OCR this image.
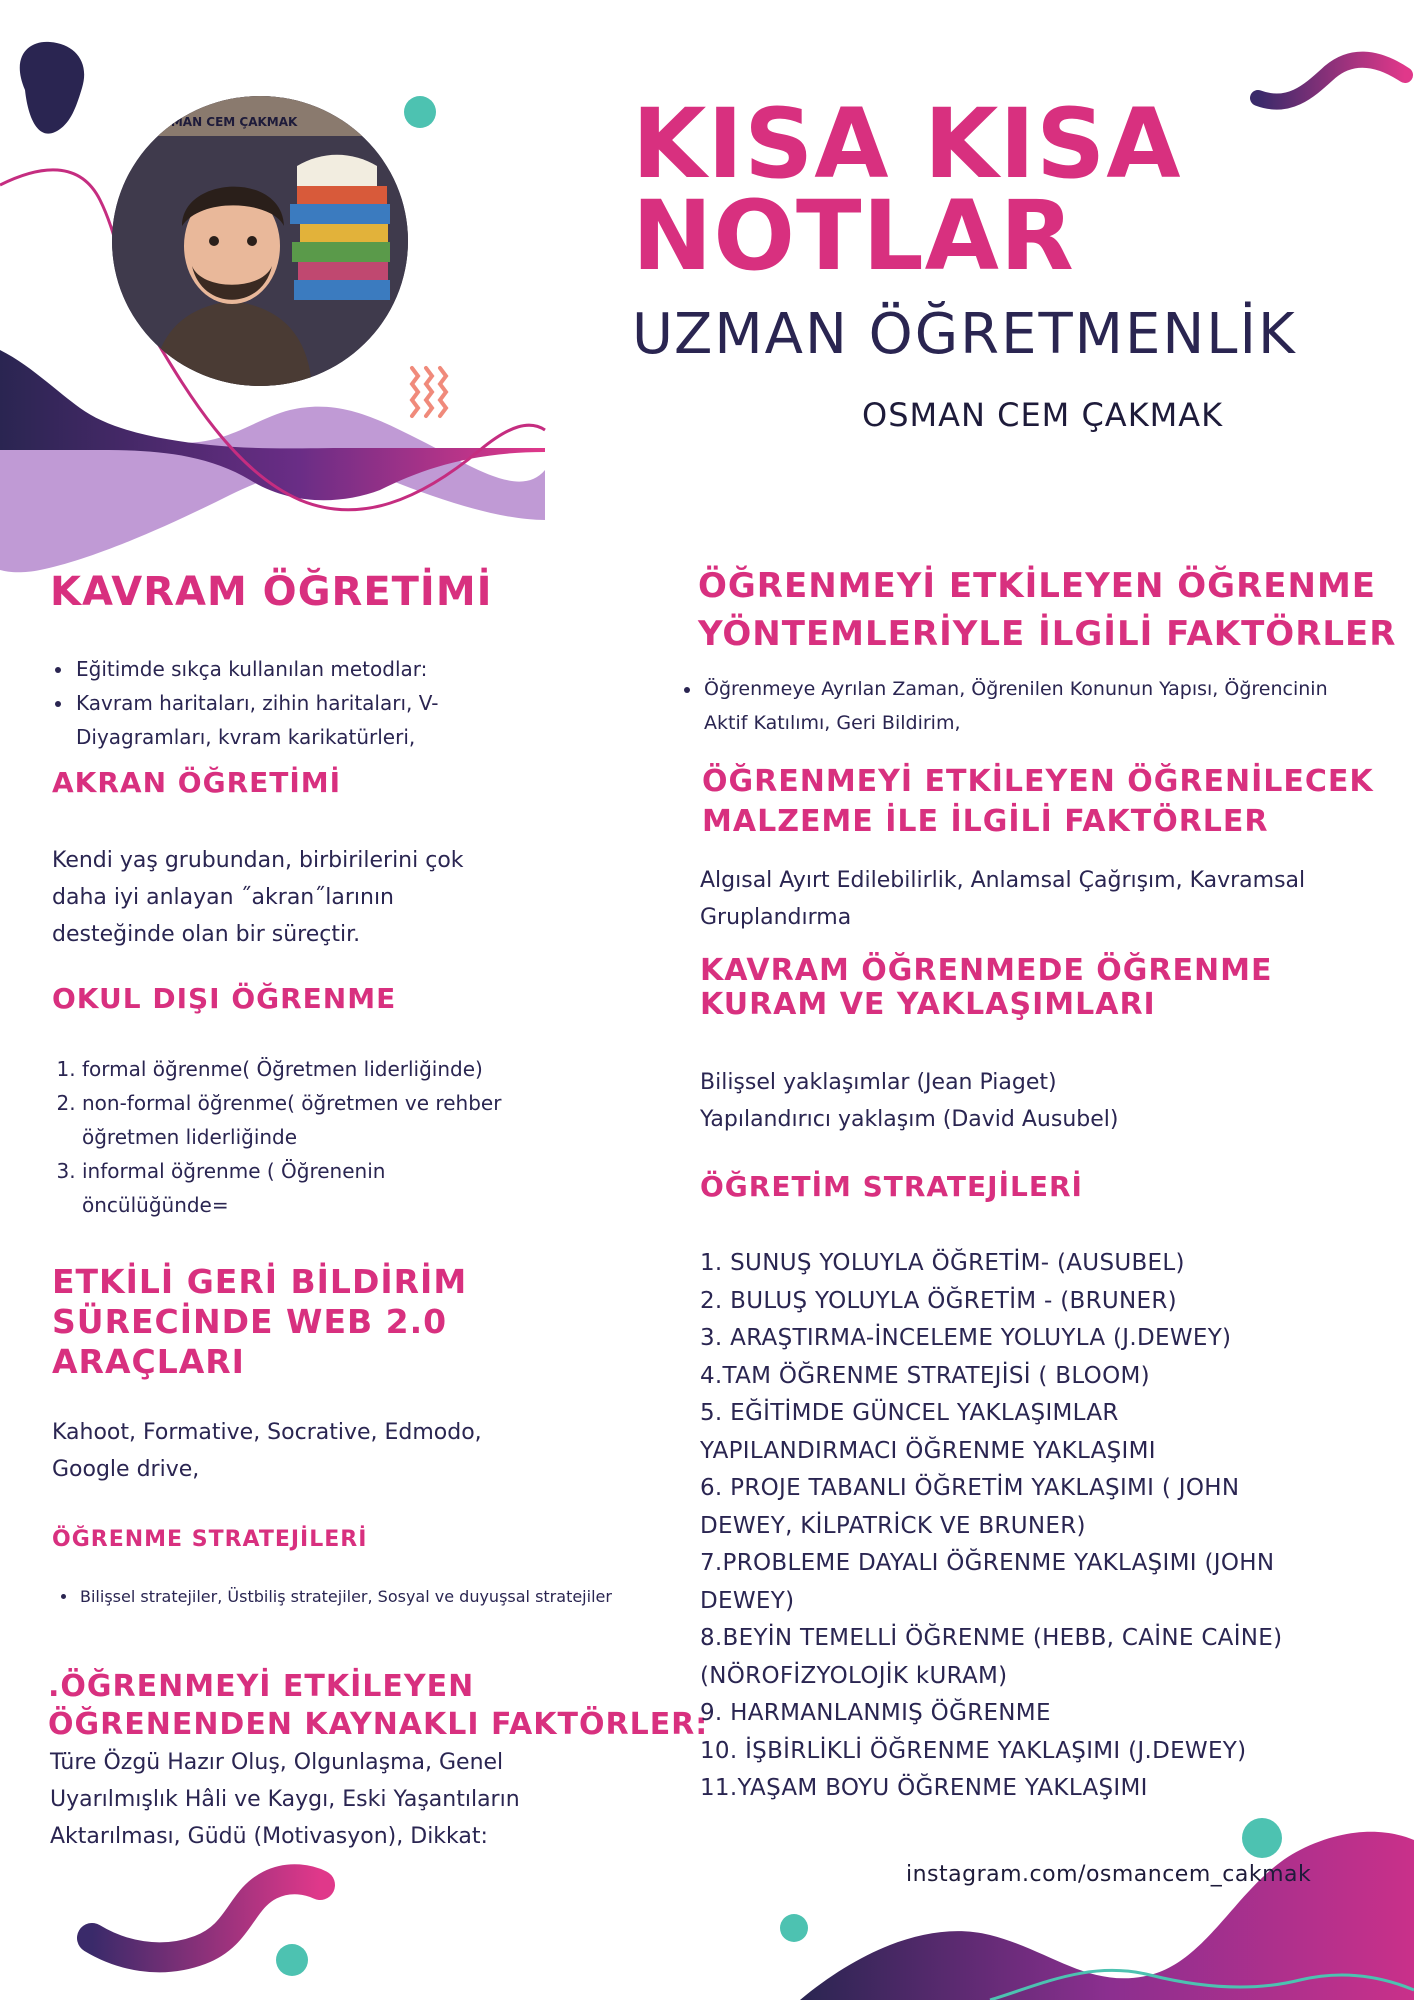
OSMAN CEM ÇAKMAK	KISA KISA
NOTLAR
UZMAN ÖĞRETMENLİK
OSMAN CEM ÇAKMAK
KAVRAM ÖĞRETİMİ
• Eğitimde sıkça kullanılan metodlar:
• Kavram haritaları, zihin haritaları, V-Diyagramları, kvram karikatürleri,
AKRAN ÖĞRETİMİ

Kendi yaş grubundan, birbirilerini çok daha iyi anlayan ˝akran˝larının desteğinde olan bir süreçtir.

OKUL DIŞI ÖĞRENME
1. formal öğrenme( Öğretmen liderliğinde)
2. non-formal öğrenme( öğretmen ve rehber öğretmen liderliğinde
3. informal öğrenme ( Öğrenenin öncülüğünde=
ETKİLİ GERİ BİLDİRİM
SÜRECİNDE WEB 2.0
ARAÇLARI

Kahoot, Formative, Socrative, Edmodo, Google drive,

ÖĞRENME STRATEJİLERİ
• Bilişsel stratejiler, Üstbiliş stratejiler, Sosyal ve duyuşsal stratejiler
.ÖĞRENMEYİ ETKİLEYEN
ÖĞRENENDEN KAYNAKLI FAKTÖRLER:

Türe Özgü Hazır Oluş, Olgunlaşma, Genel Uyarılmışlık Hâli ve Kaygı, Eski Yaşantıların Aktarılması, Güdü (Motivasyon), Dikkat:

ÖĞRENMEYİ ETKİLEYEN ÖĞRENME
YÖNTEMLERİYLE İLGİLİ FAKTÖRLER
• Öğrenmeye Ayrılan Zaman, Öğrenilen Konunun Yapısı, Öğrencinin Aktif Katılımı, Geri Bildirim,
ÖĞRENMEYİ ETKİLEYEN ÖĞRENİLECEK
MALZEME İLE İLGİLİ FAKTÖRLER

Algısal Ayırt Edilebilirlik, Anlamsal Çağrışım, Kavramsal Gruplandırma

KAVRAM ÖĞRENMEDE ÖĞRENME
KURAM VE YAKLAŞIMLARI

Bilişsel yaklaşımlar (Jean Piaget)
Yapılandırıcı yaklaşım (David Ausubel)

ÖĞRETİM STRATEJİLERİ
1. SUNUŞ YOLUYLA ÖĞRETİM- (AUSUBEL)
2. BULUŞ YOLUYLA ÖĞRETİM - (BRUNER)
3. ARAŞTIRMA-İNCELEME YOLUYLA (J.DEWEY)
4.TAM ÖĞRENME STRATEJİSİ ( BLOOM)
5. EĞİTİMDE GÜNCEL YAKLAŞIMLAR
YAPILANDIRMACI ÖĞRENME YAKLAŞIMI
6. PROJE TABANLI ÖĞRETİM YAKLAŞIMI ( JOHN
DEWEY, KİLPATRİCK VE BRUNER)
7.PROBLEME DAYALI ÖĞRENME YAKLAŞIMI (JOHN
DEWEY)
8.BEYİN TEMELLİ ÖĞRENME (HEBB, CAİNE CAİNE)
(NÖROFİZYOLOJİK kURAM)
9. HARMANLANMIŞ ÖĞRENME
10. İŞBİRLİKLİ ÖĞRENME YAKLAŞIMI (J.DEWEY)
11.YAŞAM BOYU ÖĞRENME YAKLAŞIMI
instagram.com/osmancem_cakmak
